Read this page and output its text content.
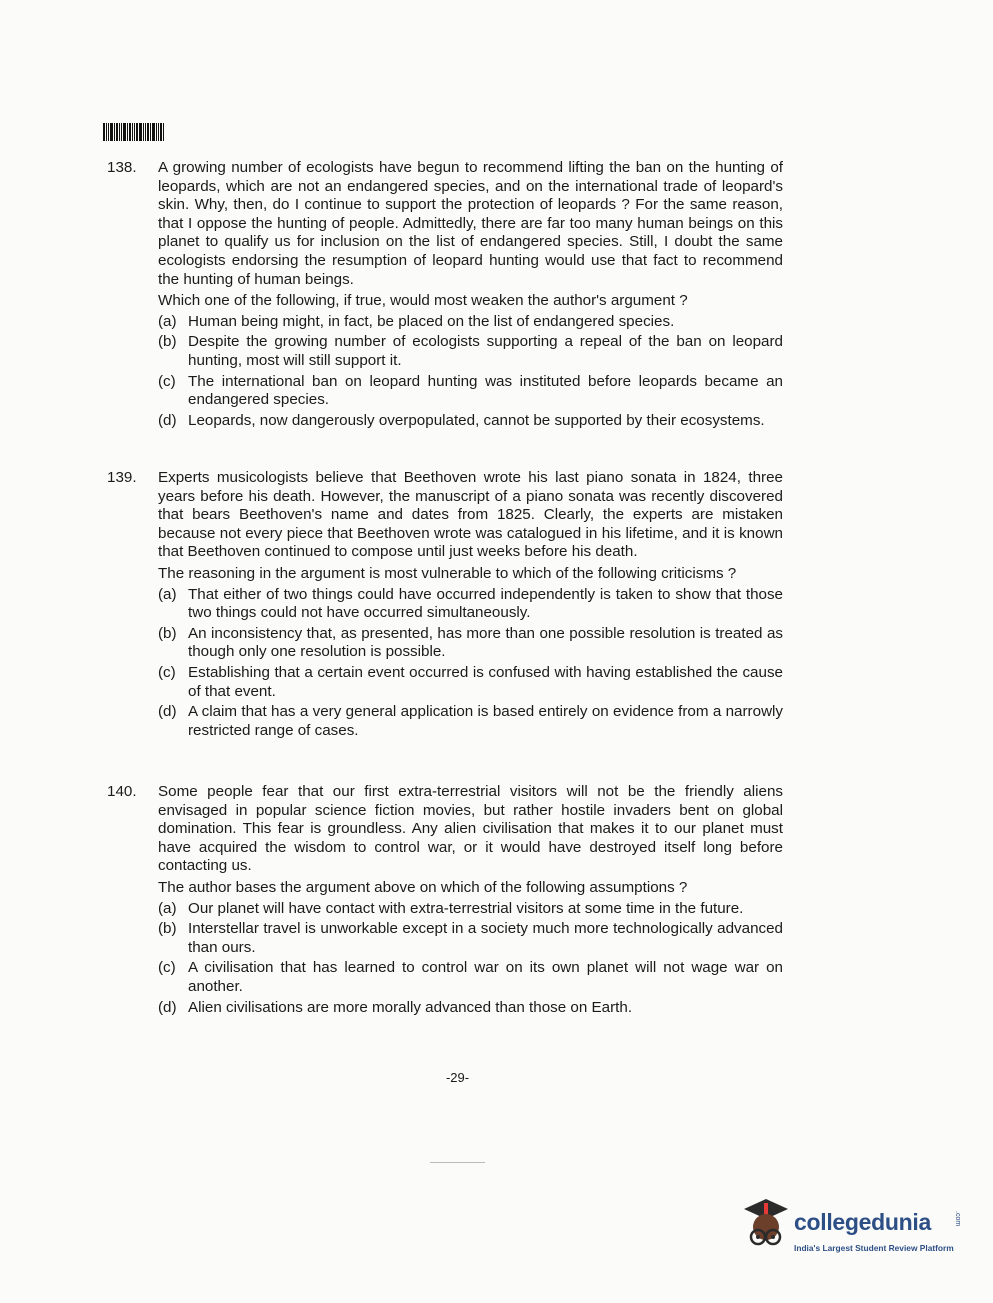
138. A growing number of ecologists have begun to recommend lifting the ban on the hunting of leopards, which are not an endangered species, and on the international trade of leopard's skin. Why, then, do I continue to support the protection of leopards ? For the same reason, that I oppose the hunting of people. Admittedly, there are far too many human beings on this planet to qualify us for inclusion on the list of endangered species. Still, I doubt the same ecologists endorsing the resumption of leopard hunting would use that fact to recommend the hunting of human beings.

Which one of the following, if true, would most weaken the author's argument ?

(a) Human being might, in fact, be placed on the list of endangered species.
(b) Despite the growing number of ecologists supporting a repeal of the ban on leopard hunting, most will still support it.
(c) The international ban on leopard hunting was instituted before leopards became an endangered species.
(d) Leopards, now dangerously overpopulated, cannot be supported by their ecosystems.
139. Experts musicologists believe that Beethoven wrote his last piano sonata in 1824, three years before his death. However, the manuscript of a piano sonata was recently discovered that bears Beethoven's name and dates from 1825. Clearly, the experts are mistaken because not every piece that Beethoven wrote was catalogued in his lifetime, and it is known that Beethoven continued to compose until just weeks before his death.

The reasoning in the argument is most vulnerable to which of the following criticisms ?

(a) That either of two things could have occurred independently is taken to show that those two things could not have occurred simultaneously.
(b) An inconsistency that, as presented, has more than one possible resolution is treated as though only one resolution is possible.
(c) Establishing that a certain event occurred is confused with having established the cause of that event.
(d) A claim that has a very general application is based entirely on evidence from a narrowly restricted range of cases.
140. Some people fear that our first extra-terrestrial visitors will not be the friendly aliens envisaged in popular science fiction movies, but rather hostile invaders bent on global domination. This fear is groundless. Any alien civilisation that makes it to our planet must have acquired the wisdom to control war, or it would have destroyed itself long before contacting us.

The author bases the argument above on which of the following assumptions ?

(a) Our planet will have contact with extra-terrestrial visitors at some time in the future.
(b) Interstellar travel is unworkable except in a society much more technologically advanced than ours.
(c) A civilisation that has learned to control war on its own planet will not wage war on another.
(d) Alien civilisations are more morally advanced than those on Earth.
-29-
collegedunia	.com
India's Largest Student Review Platform
